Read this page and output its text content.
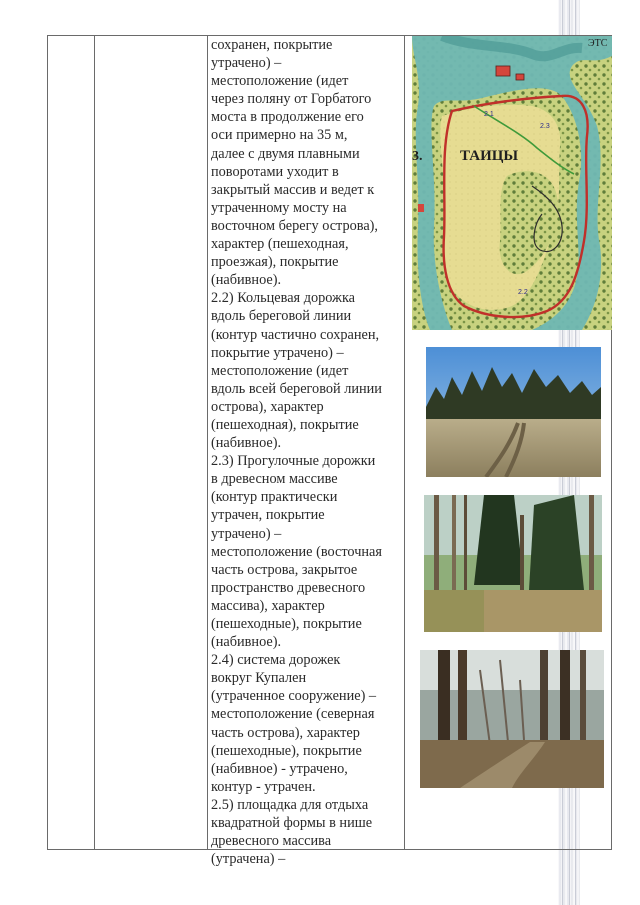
сохранен, покрытие
утрачено) –
местоположение (идет
через поляну от Горбатого
моста в продолжение его
оси примерно на 35 м,
далее с двумя плавными
поворотами уходит в
закрытый массив и ведет к
утраченному мосту на
восточном берегу острова),
характер (пешеходная,
проезжая), покрытие
(набивное).
2.2) Кольцевая дорожка
вдоль береговой линии
(контур частично сохранен,
покрытие утрачено) –
местоположение (идет
вдоль всей береговой линии
острова), характер
(пешеходная), покрытие
(набивное).
2.3) Прогулочные дорожки
в древесном массиве
(контур практически
утрачен, покрытие
утрачено) –
местоположение (восточная
часть острова, закрытое
пространство древесного
массива), характер
(пешеходные), покрытие
(набивное).
2.4) система дорожек
вокруг Купален
(утраченное сооружение) –
местоположение (северная
часть острова), характер
(пешеходные), покрытие
(набивное) - утрачено,
контур - утрачен.
2.5) площадка для отдыха
квадратной формы в нише
древесного массива
(утрачена) –
ТАИЦЫ
ЭТС
3.
2.1
2.2
2.3
